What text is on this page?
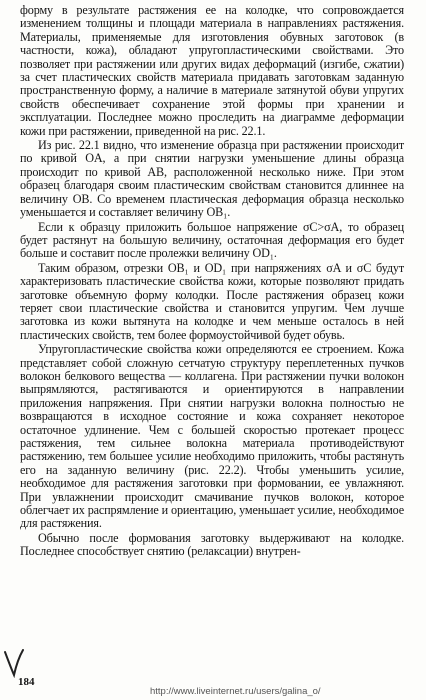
форму в результате растяжения ее на колодке, что сопровождается изменением толщины и площади материала в направлениях растяжения. Материалы, применяемые для изготовления обувных заготовок (в частности, кожа), обладают упругопластическими свойствами. Это позволяет при растяжении или других видах деформаций (изгибе, сжатии) за счет пластических свойств материала придавать заготовкам заданную пространственную форму, а наличие в материале затянутой обуви упругих свойств обеспечивает сохранение этой формы при хранении и эксплуатации. Последнее можно проследить на диаграмме деформации кожи при растяжении, приведенной на рис. 22.1.

Из рис. 22.1 видно, что изменение образца при растяжении происходит по кривой OA, а при снятии нагрузки уменьшение длины образца происходит по кривой AB, расположенной несколько ниже. При этом образец благодаря своим пластическим свойствам становится длиннее на величину OB. Со временем пластическая деформация образца несколько уменьшается и составляет величину OB₁.

Если к образцу приложить большое напряжение σC>σA, то образец будет растянут на большую величину, остаточная деформация его будет больше и составит после пролежки величину OD₁.

Таким образом, отрезки OB₁ и OD₁ при напряжениях σA и σC будут характеризовать пластические свойства кожи, которые позволяют придать заготовке объемную форму колодки. После растяжения образец кожи теряет свои пластические свойства и становится упругим. Чем лучше заготовка из кожи вытянута на колодке и чем меньше осталось в ней пластических свойств, тем более формоустойчивой будет обувь.

Упругопластические свойства кожи определяются ее строением. Кожа представляет собой сложную сетчатую структуру переплетенных пучков волокон белкового вещества — коллагена. При растяжении пучки волокон выпрямляются, растягиваются и ориентируются в направлении приложения напряжения. При снятии нагрузки волокна полностью не возвращаются в исходное состояние и кожа сохраняет некоторое остаточное удлинение. Чем с большей скоростью протекает процесс растяжения, тем сильнее волокна материала противодействуют растяжению, тем большее усилие необходимо приложить, чтобы растянуть его на заданную величину (рис. 22.2). Чтобы уменьшить усилие, необходимое для растяжения заготовки при формовании, ее увлажняют. При увлажнении происходит смачивание пучков волокон, которое облегчает их распрямление и ориентацию, уменьшает усилие, необходимое для растяжения.

Обычно после формования заготовку выдерживают на колодке. Последнее способствует снятию (релаксации) внутрен-

184
http://www.liveinternet.ru/users/galina_o/
